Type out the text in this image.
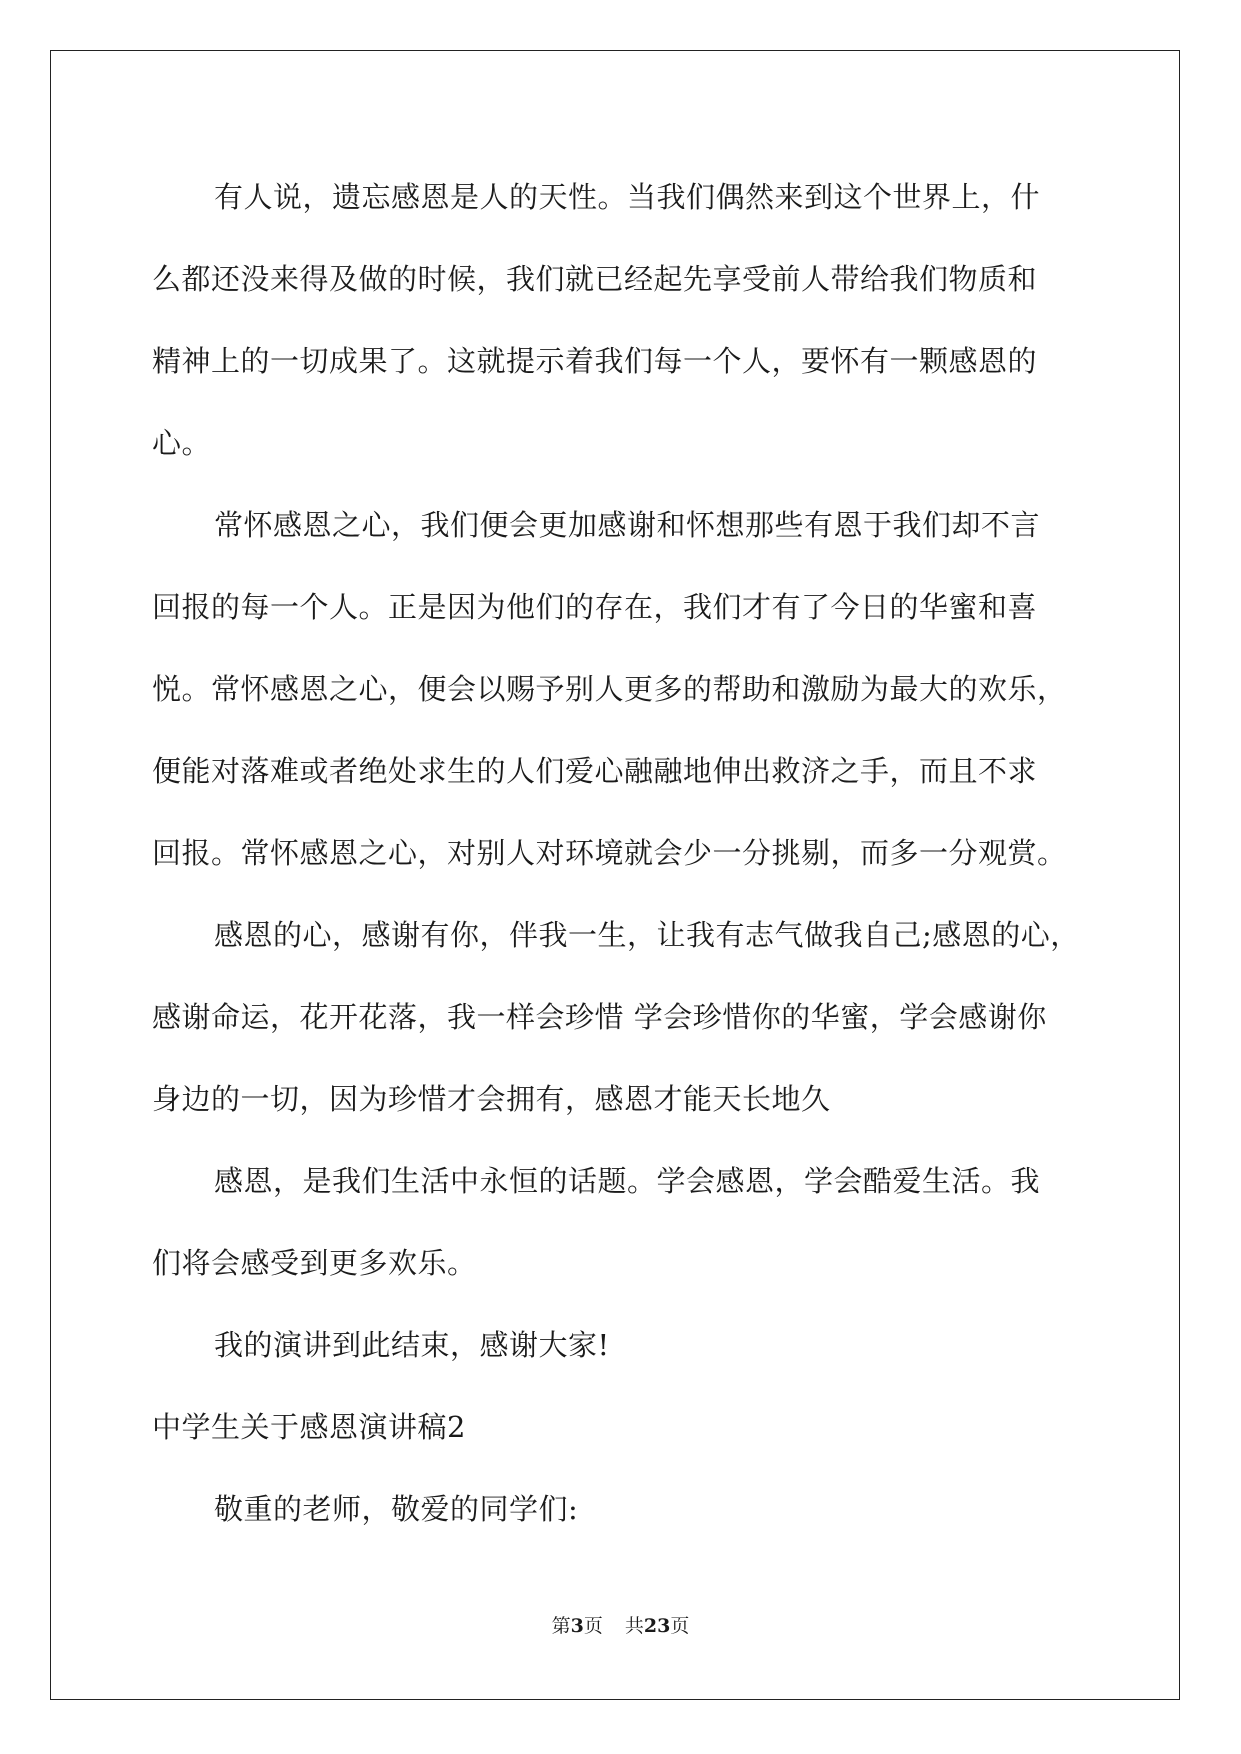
有人说，遗忘感恩是人的天性。当我们偶然来到这个世界上，什
么都还没来得及做的时候，我们就已经起先享受前人带给我们物质和
精神上的一切成果了。这就提示着我们每一个人，要怀有一颗感恩的
心。
常怀感恩之心，我们便会更加感谢和怀想那些有恩于我们却不言
回报的每一个人。正是因为他们的存在，我们才有了今日的华蜜和喜
悦。常怀感恩之心，便会以赐予别人更多的帮助和激励为最大的欢乐，
便能对落难或者绝处求生的人们爱心融融地伸出救济之手，而且不求
回报。常怀感恩之心，对别人对环境就会少一分挑剔，而多一分观赏。
感恩的心，感谢有你，伴我一生，让我有志气做我自己;感恩的心，
感谢命运，花开花落，我一样会珍惜 学会珍惜你的华蜜，学会感谢你
身边的一切，因为珍惜才会拥有，感恩才能天长地久
感恩，是我们生活中永恒的话题。学会感恩，学会酷爱生活。我
们将会感受到更多欢乐。
我的演讲到此结束，感谢大家!
中学生关于感恩演讲稿2
敬重的老师，敬爱的同学们:
第3页 共23页
